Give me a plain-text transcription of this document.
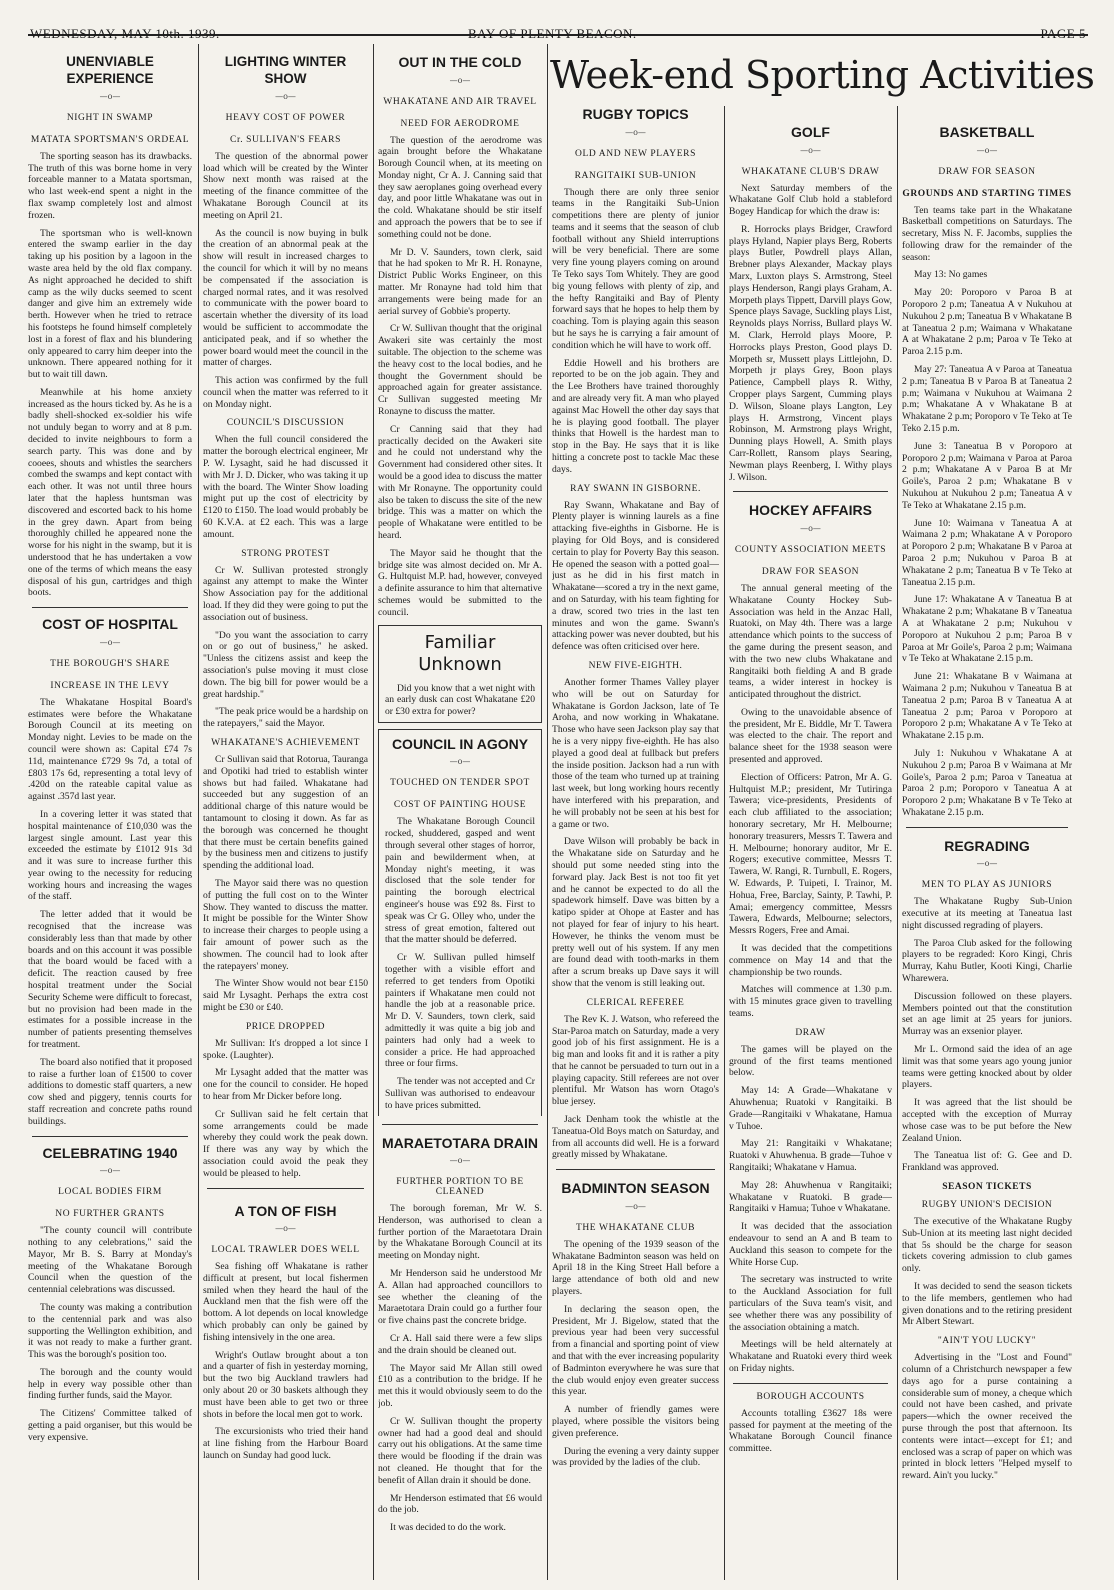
WEDNESDAY, MAY 10th. 1939.	BAY OF PLENTY BEACON.	PAGE 5
Week-end Sporting Activities
UNENVIABLE EXPERIENCE
—o—
NIGHT IN SWAMP
MATATA SPORTSMAN'S ORDEAL
The sporting season has its drawbacks. The truth of this was borne home in very forceable manner to a Matata sportsman, who last week-end spent a night in the flax swamp completely lost and almost frozen.
The sportsman who is well-known entered the swamp earlier in the day taking up his position by a lagoon in the waste area held by the old flax company. As night approached he decided to shift camp as the wily ducks seemed to scent danger and give him an extremely wide berth. However when he tried to retrace his footsteps he found himself completely lost in a forest of flax and his blundering only appeared to carry him deeper into the unknown. There appeared nothing for it but to wait till dawn.
Meanwhile at his home anxiety increased as the hours ticked by. As he is a badly shell-shocked ex-soldier his wife not unduly began to worry and at 8 p.m. decided to invite neighbours to form a search party. This was done and by cooees, shouts and whistles the searchers combed the swamps and kept contact with each other. It was not until three hours later that the hapless huntsman was discovered and escorted back to his home in the grey dawn. Apart from being thoroughly chilled he appeared none the worse for his night in the swamp, but it is understood that he has undertaken a vow one of the terms of which means the easy disposal of his gun, cartridges and thigh boots.
COST OF HOSPITAL
—o—
THE BOROUGH'S SHARE
INCREASE IN THE LEVY
The Whakatane Hospital Board's estimates were before the Whakatane Borough Council at its meeting on Monday night. Levies to be made on the council were shown as: Capital £74 7s 11d, maintenance £729 9s 7d, a total of £803 17s 6d, representing a total levy of .420d on the rateable capital value as against .357d last year.
In a covering letter it was stated that hospital maintenance of £10,030 was the largest single amount. Last year this exceeded the estimate by £1012 91s 3d and it was sure to increase further this year owing to the necessity for reducing working hours and increasing the wages of the staff.
The letter added that it would be recognised that the increase was considerably less than that made by other boards and on this account it was possible that the board would be faced with a deficit. The reaction caused by free hospital treatment under the Social Security Scheme were difficult to forecast, but no provision had been made in the estimates for a possible increase in the number of patients presenting themselves for treatment.
The board also notified that it proposed to raise a further loan of £1500 to cover additions to domestic staff quarters, a new cow shed and piggery, tennis courts for staff recreation and concrete paths round buildings.
CELEBRATING 1940
—o—
LOCAL BODIES FIRM
NO FURTHER GRANTS
"The county council will contribute nothing to any celebrations," said the Mayor, Mr B. S. Barry at Monday's meeting of the Whakatane Borough Council when the question of the centennial celebrations was discussed.
The county was making a contribution to the centennial park and was also supporting the Wellington exhibition, and it was not ready to make a further grant. This was the borough's position too.
The borough and the county would help in every way possible other than finding further funds, said the Mayor.
The Citizens' Committee talked of getting a paid organiser, but this would be very expensive.
LIGHTING WINTER SHOW
—o—
HEAVY COST OF POWER
Cr. SULLIVAN'S FEARS
The question of the abnormal power load which will be created by the Winter Show next month was raised at the meeting of the finance committee of the Whakatane Borough Council at its meeting on April 21.
As the council is now buying in bulk the creation of an abnormal peak at the show will result in increased charges to the council for which it will by no means be compensated if the association is charged normal rates, and it was resolved to communicate with the power board to ascertain whether the diversity of its load would be sufficient to accommodate the anticipated peak, and if so whether the power board would meet the council in the matter of charges.
This action was confirmed by the full council when the matter was referred to it on Monday night.
COUNCIL'S DISCUSSION
When the full council considered the matter the borough electrical engineer, Mr P. W. Lysaght, said he had discussed it with Mr J. D. Dicker, who was taking it up with the board. The Winter Show loading might put up the cost of electricity by £120 to £150. The load would probably be 60 K.V.A. at £2 each. This was a large amount.
STRONG PROTEST
Cr W. Sullivan protested strongly against any attempt to make the Winter Show Association pay for the additional load. If they did they were going to put the association out of business.
"Do you want the association to carry on or go out of business," he asked. "Unless the citizens assist and keep the association's pulse moving it must close down. The big bill for power would be a great hardship."
"The peak price would be a hardship on the ratepayers," said the Mayor.
WHAKATANE'S ACHIEVEMENT
Cr Sullivan said that Rotorua, Tauranga and Opotiki had tried to establish winter shows but had failed. Whakatane had succeeded but any suggestion of an additional charge of this nature would be tantamount to closing it down. As far as the borough was concerned he thought that there must be certain benefits gained by the business men and citizens to justify spending the additional load.
The Mayor said there was no question of putting the full cost on to the Winter Show. They wanted to discuss the matter. It might be possible for the Winter Show to increase their charges to people using a fair amount of power such as the showmen. The council had to look after the ratepayers' money.
The Winter Show would not bear £150 said Mr Lysaght. Perhaps the extra cost might be £30 or £40.
PRICE DROPPED
Mr Sullivan: It's dropped a lot since I spoke. (Laughter).
Mr Lysaght added that the matter was one for the council to consider. He hoped to hear from Mr Dicker before long.
Cr Sullivan said he felt certain that some arrangements could be made whereby they could work the peak down. If there was any way by which the association could avoid the peak they would be pleased to help.
A TON OF FISH
—o—
LOCAL TRAWLER DOES WELL
Sea fishing off Whakatane is rather difficult at present, but local fishermen smiled when they heard the haul of the Auckland men that the fish were off the bottom. A lot depends on local knowledge which probably can only be gained by fishing intensively in the one area.
Wright's Outlaw brought about a ton and a quarter of fish in yesterday morning, but the two big Auckland trawlers had only about 20 or 30 baskets although they must have been able to get two or three shots in before the local men got to work.
The excursionists who tried their hand at line fishing from the Harbour Board launch on Sunday had good luck.
OUT IN THE COLD
—o—
WHAKATANE AND AIR TRAVEL
NEED FOR AERODROME
The question of the aerodrome was again brought before the Whakatane Borough Council when, at its meeting on Monday night, Cr A. J. Canning said that they saw aeroplanes going overhead every day, and poor little Whakatane was out in the cold. Whakatane should be stir itself and approach the powers that be to see if something could not be done.
Mr D. V. Saunders, town clerk, said that he had spoken to Mr R. H. Ronayne, District Public Works Engineer, on this matter. Mr Ronayne had told him that arrangements were being made for an aerial survey of Gobbie's property.
Cr W. Sullivan thought that the original Awakeri site was certainly the most suitable. The objection to the scheme was the heavy cost to the local bodies, and he thought the Government should be approached again for greater assistance. Cr Sullivan suggested meeting Mr Ronayne to discuss the matter.
Cr Canning said that they had practically decided on the Awakeri site and he could not understand why the Government had considered other sites. It would be a good idea to discuss the matter with Mr Ronayne. The opportunity could also be taken to discuss the site of the new bridge. This was a matter on which the people of Whakatane were entitled to be heard.
The Mayor said he thought that the bridge site was almost decided on. Mr A. G. Hultquist M.P. had, however, conveyed a definite assurance to him that alternative schemes would be submitted to the council.
Familiar Unknown
Did you know that a wet night with an early dusk can cost Whakatane £20 or £30 extra for power?
COUNCIL IN AGONY
—o—
TOUCHED ON TENDER SPOT
COST OF PAINTING HOUSE
The Whakatane Borough Council rocked, shuddered, gasped and went through several other stages of horror, pain and bewilderment when, at Monday night's meeting, it was disclosed that the sole tender for painting the borough electrical engineer's house was £92 8s. First to speak was Cr G. Olley who, under the stress of great emotion, faltered out that the matter should be deferred.
Cr W. Sullivan pulled himself together with a visible effort and referred to get tenders from Opotiki painters if Whakatane men could not handle the job at a reasonable price. Mr D. V. Saunders, town clerk, said admittedly it was quite a big job and painters had only had a week to consider a price. He had approached three or four firms.
The tender was not accepted and Cr Sullivan was authorised to endeavour to have prices submitted.
MARAETOTARA DRAIN
—o—
FURTHER PORTION TO BE CLEANED
The borough foreman, Mr W. S. Henderson, was authorised to clean a further portion of the Maraetotara Drain by the Whakatane Borough Council at its meeting on Monday night.
Mr Henderson said he understood Mr A. Allan had approached councillors to see whether the cleaning of the Maraetotara Drain could go a further four or five chains past the concrete bridge.
Cr A. Hall said there were a few slips and the drain should be cleaned out.
The Mayor said Mr Allan still owed £10 as a contribution to the bridge. If he met this it would obviously seem to do the job.
Cr W. Sullivan thought the property owner had had a good deal and should carry out his obligations. At the same time there would be flooding if the drain was not cleaned. He thought that for the benefit of Allan drain it should be done.
Mr Henderson estimated that £6 would do the job.
It was decided to do the work.
RUGBY TOPICS
—o—
OLD AND NEW PLAYERS
RANGITAIKI SUB-UNION
Though there are only three senior teams in the Rangitaiki Sub-Union competitions there are plenty of junior teams and it seems that the season of club football without any Shield interruptions will be very beneficial. There are some very fine young players coming on around Te Teko says Tom Whitely. They are good big young fellows with plenty of zip, and the hefty Rangitaiki and Bay of Plenty forward says that he hopes to help them by coaching. Tom is playing again this season but he says he is carrying a fair amount of condition which he will have to work off.
Eddie Howell and his brothers are reported to be on the job again. They and the Lee Brothers have trained thoroughly and are already very fit. A man who played against Mac Howell the other day says that he is playing good football. The player thinks that Howell is the hardest man to stop in the Bay. He says that it is like hitting a concrete post to tackle Mac these days.
RAY SWANN IN GISBORNE.
Ray Swann, Whakatane and Bay of Plenty player is winning laurels as a fine attacking five-eighths in Gisborne. He is playing for Old Boys, and is considered certain to play for Poverty Bay this season. He opened the season with a potted goal—just as he did in his first match in Whakatane—scored a try in the next game, and on Saturday, with his team fighting for a draw, scored two tries in the last ten minutes and won the game. Swann's attacking power was never doubted, but his defence was often criticised over here.
NEW FIVE-EIGHTH.
Another former Thames Valley player who will be out on Saturday for Whakatane is Gordon Jackson, late of Te Aroha, and now working in Whakatane. Those who have seen Jackson play say that he is a very nippy five-eighth. He has also played a good deal at fullback but prefers the inside position. Jackson had a run with those of the team who turned up at training last week, but long working hours recently have interfered with his preparation, and he will probably not be seen at his best for a game or two.
Dave Wilson will probably be back in the Whakatane side on Saturday and he should put some needed sting into the forward play. Jack Best is not too fit yet and he cannot be expected to do all the spadework himself. Dave was bitten by a katipo spider at Ohope at Easter and has not played for fear of injury to his heart. However, he thinks the venom must be pretty well out of his system. If any men are found dead with tooth-marks in them after a scrum breaks up Dave says it will show that the venom is still leaking out.
CLERICAL REFEREE
The Rev K. J. Watson, who refereed the Star-Paroa match on Saturday, made a very good job of his first assignment. He is a big man and looks fit and it is rather a pity that he cannot be persuaded to turn out in a playing capacity. Still referees are not over plentiful. Mr Watson has worn Otago's blue jersey.
Jack Denham took the whistle at the Taneatua-Old Boys match on Saturday, and from all accounts did well. He is a forward greatly missed by Whakatane.
BADMINTON SEASON
—o—
THE WHAKATANE CLUB
The opening of the 1939 season of the Whakatane Badminton season was held on April 18 in the King Street Hall before a large attendance of both old and new players.
In declaring the season open, the President, Mr J. Bigelow, stated that the previous year had been very successful from a financial and sporting point of view and that with the ever increasing popularity of Badminton everywhere he was sure that the club would enjoy even greater success this year.
A number of friendly games were played, where possible the visitors being given preference.
During the evening a very dainty supper was provided by the ladies of the club.
GOLF
—o—
WHAKATANE CLUB'S DRAW
Next Saturday members of the Whakatane Golf Club hold a stableford Bogey Handicap for which the draw is:
R. Horrocks plays Bridger, Crawford plays Hyland, Napier plays Berg, Roberts plays Butler, Powdrell plays Allan, Brebner plays Alexander, Mackay plays Marx, Luxton plays S. Armstrong, Steel plays Henderson, Rangi plays Graham, A. Morpeth plays Tippett, Darvill plays Gow, Spence plays Savage, Suckling plays List, Reynolds plays Norriss, Bullard plays W. M. Clark, Herrold plays Moore, P. Horrocks plays Preston, Good plays D. Morpeth sr, Mussett plays Littlejohn, D. Morpeth jr plays Grey, Boon plays Patience, Campbell plays R. Withy, Cropper plays Sargent, Cumming plays D. Wilson, Sloane plays Langton, Ley plays H. Armstrong, Vincent plays Robinson, M. Armstrong plays Wright, Dunning plays Howell, A. Smith plays Carr-Rollett, Ransom plays Searing, Newman plays Reenberg, I. Withy plays J. Wilson.
HOCKEY AFFAIRS
—o—
COUNTY ASSOCIATION MEETS
DRAW FOR SEASON
The annual general meeting of the Whakatane County Hockey Sub-Association was held in the Anzac Hall, Ruatoki, on May 4th. There was a large attendance which points to the success of the game during the present season, and with the two new clubs Whakatane and Rangitaiki both fielding A and B grade teams, a wider interest in hockey is anticipated throughout the district.
Owing to the unavoidable absence of the president, Mr E. Biddle, Mr T. Tawera was elected to the chair. The report and balance sheet for the 1938 season were presented and approved.
Election of Officers: Patron, Mr A. G. Hultquist M.P.; president, Mr Tutiringa Tawera; vice-presidents, Presidents of each club affiliated to the association; honorary secretary, Mr H. Melbourne; honorary treasurers, Messrs T. Tawera and H. Melbourne; honorary auditor, Mr E. Rogers; executive committee, Messrs T. Tawera, W. Rangi, R. Turnbull, E. Rogers, W. Edwards, P. Tuipeti, I. Trainor, M. Hohua, Free, Barclay, Sainty, P. Tawhi, P. Amai; emergency committee, Messrs Tawera, Edwards, Melbourne; selectors, Messrs Rogers, Free and Amai.
It was decided that the competitions commence on May 14 and that the championship be two rounds.
Matches will commence at 1.30 p.m. with 15 minutes grace given to travelling teams.
DRAW
The games will be played on the ground of the first teams mentioned below.
May 14: A Grade—Whakatane v Ahuwhenua; Ruatoki v Rangitaiki. B Grade—Rangitaiki v Whakatane, Hamua v Tuhoe.
May 21: Rangitaiki v Whakatane; Ruatoki v Ahuwhenua. B grade—Tuhoe v Rangitaiki; Whakatane v Hamua.
May 28: Ahuwhenua v Rangitaiki; Whakatane v Ruatoki. B grade—Rangitaiki v Hamua; Tuhoe v Whakatane.
It was decided that the association endeavour to send an A and B team to Auckland this season to compete for the White Horse Cup.
The secretary was instructed to write to the Auckland Association for full particulars of the Suva team's visit, and see whether there was any possibility of the association obtaining a match.
Meetings will be held alternately at Whakatane and Ruatoki every third week on Friday nights.
BOROUGH ACCOUNTS
Accounts totalling £3627 18s were passed for payment at the meeting of the Whakatane Borough Council finance committee.
BASKETBALL
—o—
DRAW FOR SEASON
GROUNDS AND STARTING TIMES
Ten teams take part in the Whakatane Basketball competitions on Saturdays. The secretary, Miss N. F. Jacombs, supplies the following draw for the remainder of the season:
May 13: No games
May 20: Poroporo v Paroa B at Poroporo 2 p.m; Taneatua A v Nukuhou at Nukuhou 2 p.m; Taneatua B v Whakatane B at Taneatua 2 p.m; Waimana v Whakatane A at Whakatane 2 p.m; Paroa v Te Teko at Paroa 2.15 p.m.
May 27: Taneatua A v Paroa at Taneatua 2 p.m; Taneatua B v Paroa B at Taneatua 2 p.m; Waimana v Nukuhou at Waimana 2 p.m; Whakatane A v Whakatane B at Whakatane 2 p.m; Poroporo v Te Teko at Te Teko 2.15 p.m.
June 3: Taneatua B v Poroporo at Poroporo 2 p.m; Waimana v Paroa at Paroa 2 p.m; Whakatane A v Paroa B at Mr Goile's, Paroa 2 p.m; Whakatane B v Nukuhou at Nukuhou 2 p.m; Taneatua A v Te Teko at Whakatane 2.15 p.m.
June 10: Waimana v Taneatua A at Waimana 2 p.m; Whakatane A v Poroporo at Poroporo 2 p.m; Whakatane B v Paroa at Paroa 2 p.m; Nukuhou v Paroa B at Whakatane 2 p.m; Taneatua B v Te Teko at Taneatua 2.15 p.m.
June 17: Whakatane A v Taneatua B at Whakatane 2 p.m; Whakatane B v Taneatua A at Whakatane 2 p.m; Nukuhou v Poroporo at Nukuhou 2 p.m; Paroa B v Paroa at Mr Goile's, Paroa 2 p.m; Waimana v Te Teko at Whakatane 2.15 p.m.
June 21: Whakatane B v Waimana at Waimana 2 p.m; Nukuhou v Taneatua B at Taneatua 2 p.m; Paroa B v Taneatua A at Taneatua 2 p.m; Paroa v Poroporo at Poroporo 2 p.m; Whakatane A v Te Teko at Whakatane 2.15 p.m.
July 1: Nukuhou v Whakatane A at Nukuhou 2 p.m; Paroa B v Waimana at Mr Goile's, Paroa 2 p.m; Paroa v Taneatua at Paroa 2 p.m; Poroporo v Taneatua A at Poroporo 2 p.m; Whakatane B v Te Teko at Whakatane 2.15 p.m.
REGRADING
—o—
MEN TO PLAY AS JUNIORS
The Whakatane Rugby Sub-Union executive at its meeting at Taneatua last night discussed regrading of players.
The Paroa Club asked for the following players to be regraded: Koro Kingi, Chris Murray, Kahu Butler, Kooti Kingi, Charlie Wharewera.
Discussion followed on these players. Members pointed out that the constitution set an age limit at 25 years for juniors. Murray was an exsenior player.
Mr L. Ormond said the idea of an age limit was that some years ago young junior teams were getting knocked about by older players.
It was agreed that the list should be accepted with the exception of Murray whose case was to be put before the New Zealand Union.
The Taneatua list of: G. Gee and D. Frankland was approved.
SEASON TICKETS
RUGBY UNION'S DECISION
The executive of the Whakatane Rugby Sub-Union at its meeting last night decided that 5s should be the charge for season tickets covering admission to club games only.
It was decided to send the season tickets to the life members, gentlemen who had given donations and to the retiring president Mr Albert Stewart.
"AIN'T YOU LUCKY"
Advertising in the "Lost and Found" column of a Christchurch newspaper a few days ago for a purse containing a considerable sum of money, a cheque which could not have been cashed, and private papers—which the owner received the purse through the post that afternoon. Its contents were intact—except for £1; and enclosed was a scrap of paper on which was printed in block letters "Helped myself to reward. Ain't you lucky."
